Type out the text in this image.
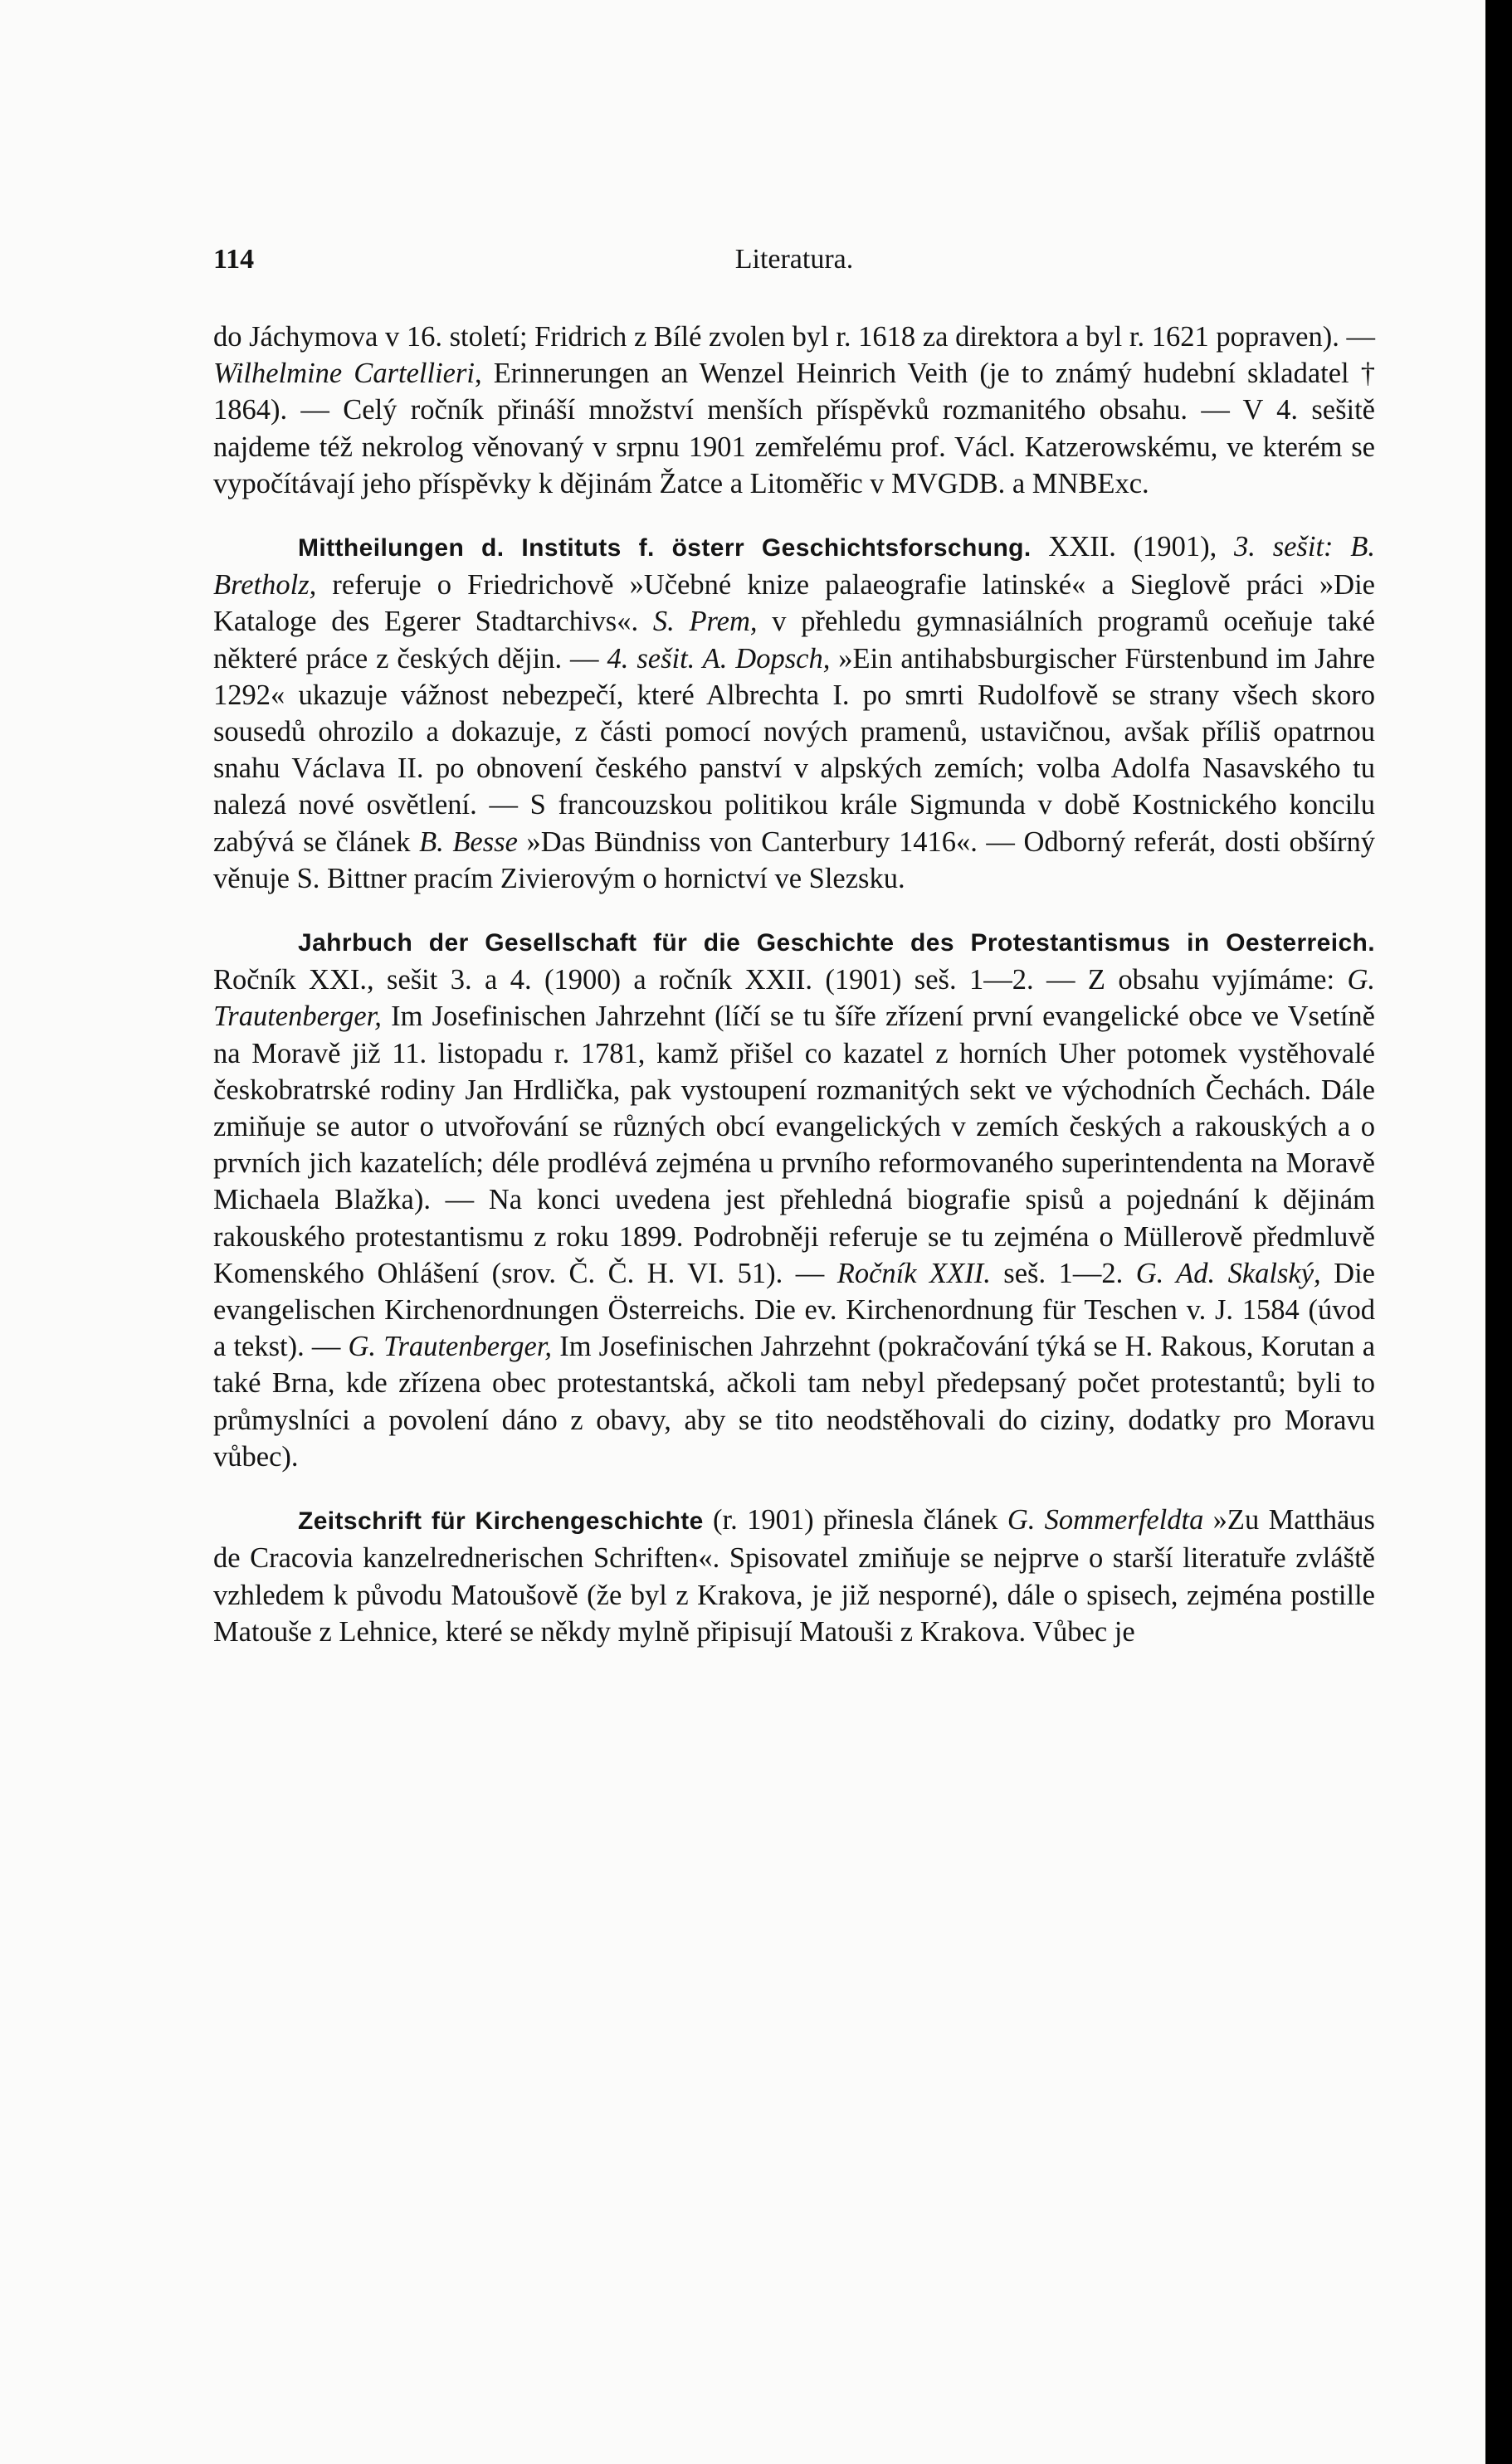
114	Literatura.

do Jáchymova v 16. století; Fridrich z Bílé zvolen byl r. 1618 za direktora a byl r. 1621 popraven). — Wilhelmine Cartellieri, Erinnerungen an Wenzel Heinrich Veith (je to známý hudební skladatel † 1864). — Celý ročník přináší množství menších příspěvků rozmanitého obsahu. — V 4. sešitě najdeme též nekrolog věnovaný v srpnu 1901 zemřelému prof. Václ. Katzerowskému, ve kterém se vypočítávají jeho příspěvky k dějinám Žatce a Litoměřic v MVGDB. a MNBExc.

Mittheilungen d. Instituts f. österr Geschichtsforschung. XXII. (1901), 3. sešit: B. Bretholz, referuje o Friedrichově »Učebné knize palaeografie latinské« a Sieglově práci »Die Kataloge des Egerer Stadtarchivs«. S. Prem, v přehledu gymnasiálních programů oceňuje také některé práce z českých dějin. — 4. sešit. A. Dopsch, »Ein antihabsburgischer Fürstenbund im Jahre 1292« ukazuje vážnost nebezpečí, které Albrechta I. po smrti Rudolfově se strany všech skoro sousedů ohrozilo a dokazuje, z části pomocí nových pramenů, ustavičnou, avšak příliš opatrnou snahu Václava II. po obnovení českého panství v alpských zemích; volba Adolfa Nasavského tu nalezá nové osvětlení. — S francouzskou politikou krále Sigmunda v době Kostnického koncilu zabývá se článek B. Besse »Das Bündniss von Canterbury 1416«. — Odborný referát, dosti obšírný věnuje S. Bittner pracím Zivierovým o hornictví ve Slezsku.

Jahrbuch der Gesellschaft für die Geschichte des Protestantismus in Oesterreich. Ročník XXI., sešit 3. a 4. (1900) a ročník XXII. (1901) seš. 1—2. — Z obsahu vyjímáme: G. Trautenberger, Im Josefinischen Jahrzehnt (líčí se tu šíře zřízení první evangelické obce ve Vsetíně na Moravě již 11. listopadu r. 1781, kamž přišel co kazatel z horních Uher potomek vystěhovalé českobratrské rodiny Jan Hrdlička, pak vystoupení rozmanitých sekt ve východních Čechách. Dále zmiňuje se autor o utvořování se různých obcí evangelických v zemích českých a rakouských a o prvních jich kazatelích; déle prodlévá zejména u prvního reformovaného superintendenta na Moravě Michaela Blažka). — Na konci uvedena jest přehledná biografie spisů a pojednání k dějinám rakouského protestantismu z roku 1899. Podrobněji referuje se tu zejména o Müllerově předmluvě Komenského Ohlášení (srov. Č. Č. H. VI. 51). — Ročník XXII. seš. 1—2. G. Ad. Skalský, Die evangelischen Kirchenordnungen Österreichs. Die ev. Kirchenordnung für Teschen v. J. 1584 (úvod a tekst). — G. Trautenberger, Im Josefinischen Jahrzehnt (pokračování týká se H. Rakous, Korutan a také Brna, kde zřízena obec protestantská, ačkoli tam nebyl předepsaný počet protestantů; byli to průmyslníci a povolení dáno z obavy, aby se tito neodstěhovali do ciziny, dodatky pro Moravu vůbec).

Zeitschrift für Kirchengeschichte (r. 1901) přinesla článek G. Sommerfeldta »Zu Matthäus de Cracovia kanzelrednerischen Schriften«. Spisovatel zmiňuje se nejprve o starší literatuře zvláště vzhledem k původu Matoušově (že byl z Krakova, je již nesporné), dále o spisech, zejména postille Matouše z Lehnice, které se někdy mylně připisují Matouši z Krakova. Vůbec je
